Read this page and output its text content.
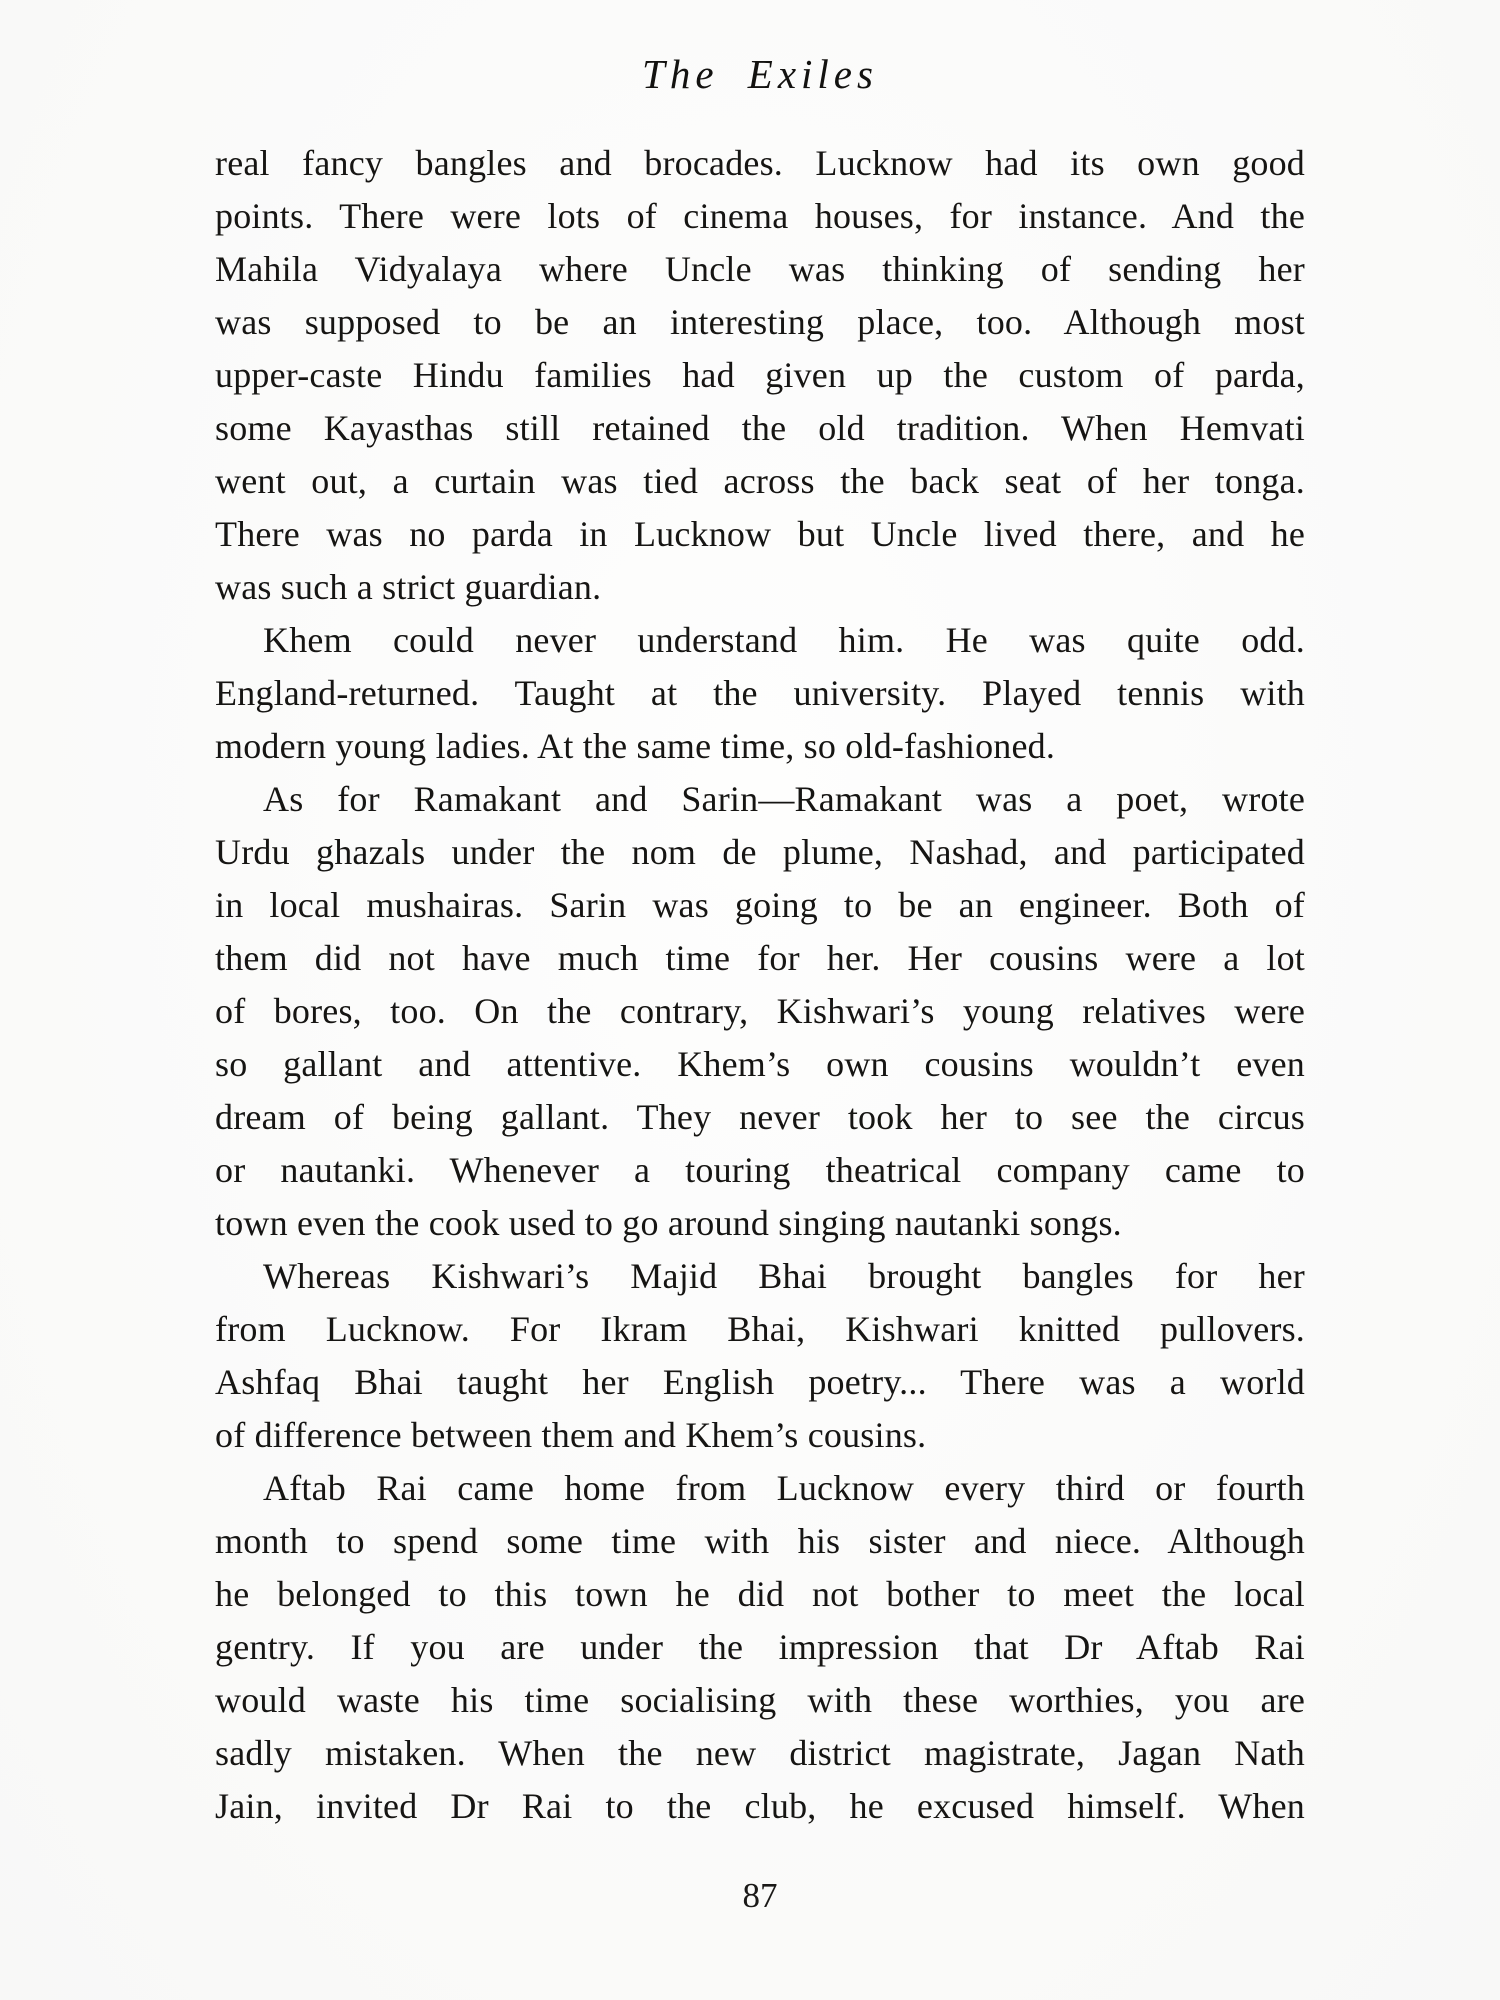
The Exiles
real fancy bangles and brocades. Lucknow had its own good
points. There were lots of cinema houses, for instance. And the
Mahila Vidyalaya where Uncle was thinking of sending her
was supposed to be an interesting place, too. Although most
upper-caste Hindu families had given up the custom of parda,
some Kayasthas still retained the old tradition. When Hemvati
went out, a curtain was tied across the back seat of her tonga.
There was no parda in Lucknow but Uncle lived there, and he
was such a strict guardian.
Khem could never understand him. He was quite odd.
England-returned. Taught at the university. Played tennis with
modern young ladies. At the same time, so old-fashioned.
As for Ramakant and Sarin—Ramakant was a poet, wrote
Urdu ghazals under the nom de plume, Nashad, and participated
in local mushairas. Sarin was going to be an engineer. Both of
them did not have much time for her. Her cousins were a lot
of bores, too. On the contrary, Kishwari’s young relatives were
so gallant and attentive. Khem’s own cousins wouldn’t even
dream of being gallant. They never took her to see the circus
or nautanki. Whenever a touring theatrical company came to
town even the cook used to go around singing nautanki songs.
Whereas Kishwari’s Majid Bhai brought bangles for her
from Lucknow. For Ikram Bhai, Kishwari knitted pullovers.
Ashfaq Bhai taught her English poetry... There was a world
of difference between them and Khem’s cousins.
Aftab Rai came home from Lucknow every third or fourth
month to spend some time with his sister and niece. Although
he belonged to this town he did not bother to meet the local
gentry. If you are under the impression that Dr Aftab Rai
would waste his time socialising with these worthies, you are
sadly mistaken. When the new district magistrate, Jagan Nath
Jain, invited Dr Rai to the club, he excused himself. When
87
